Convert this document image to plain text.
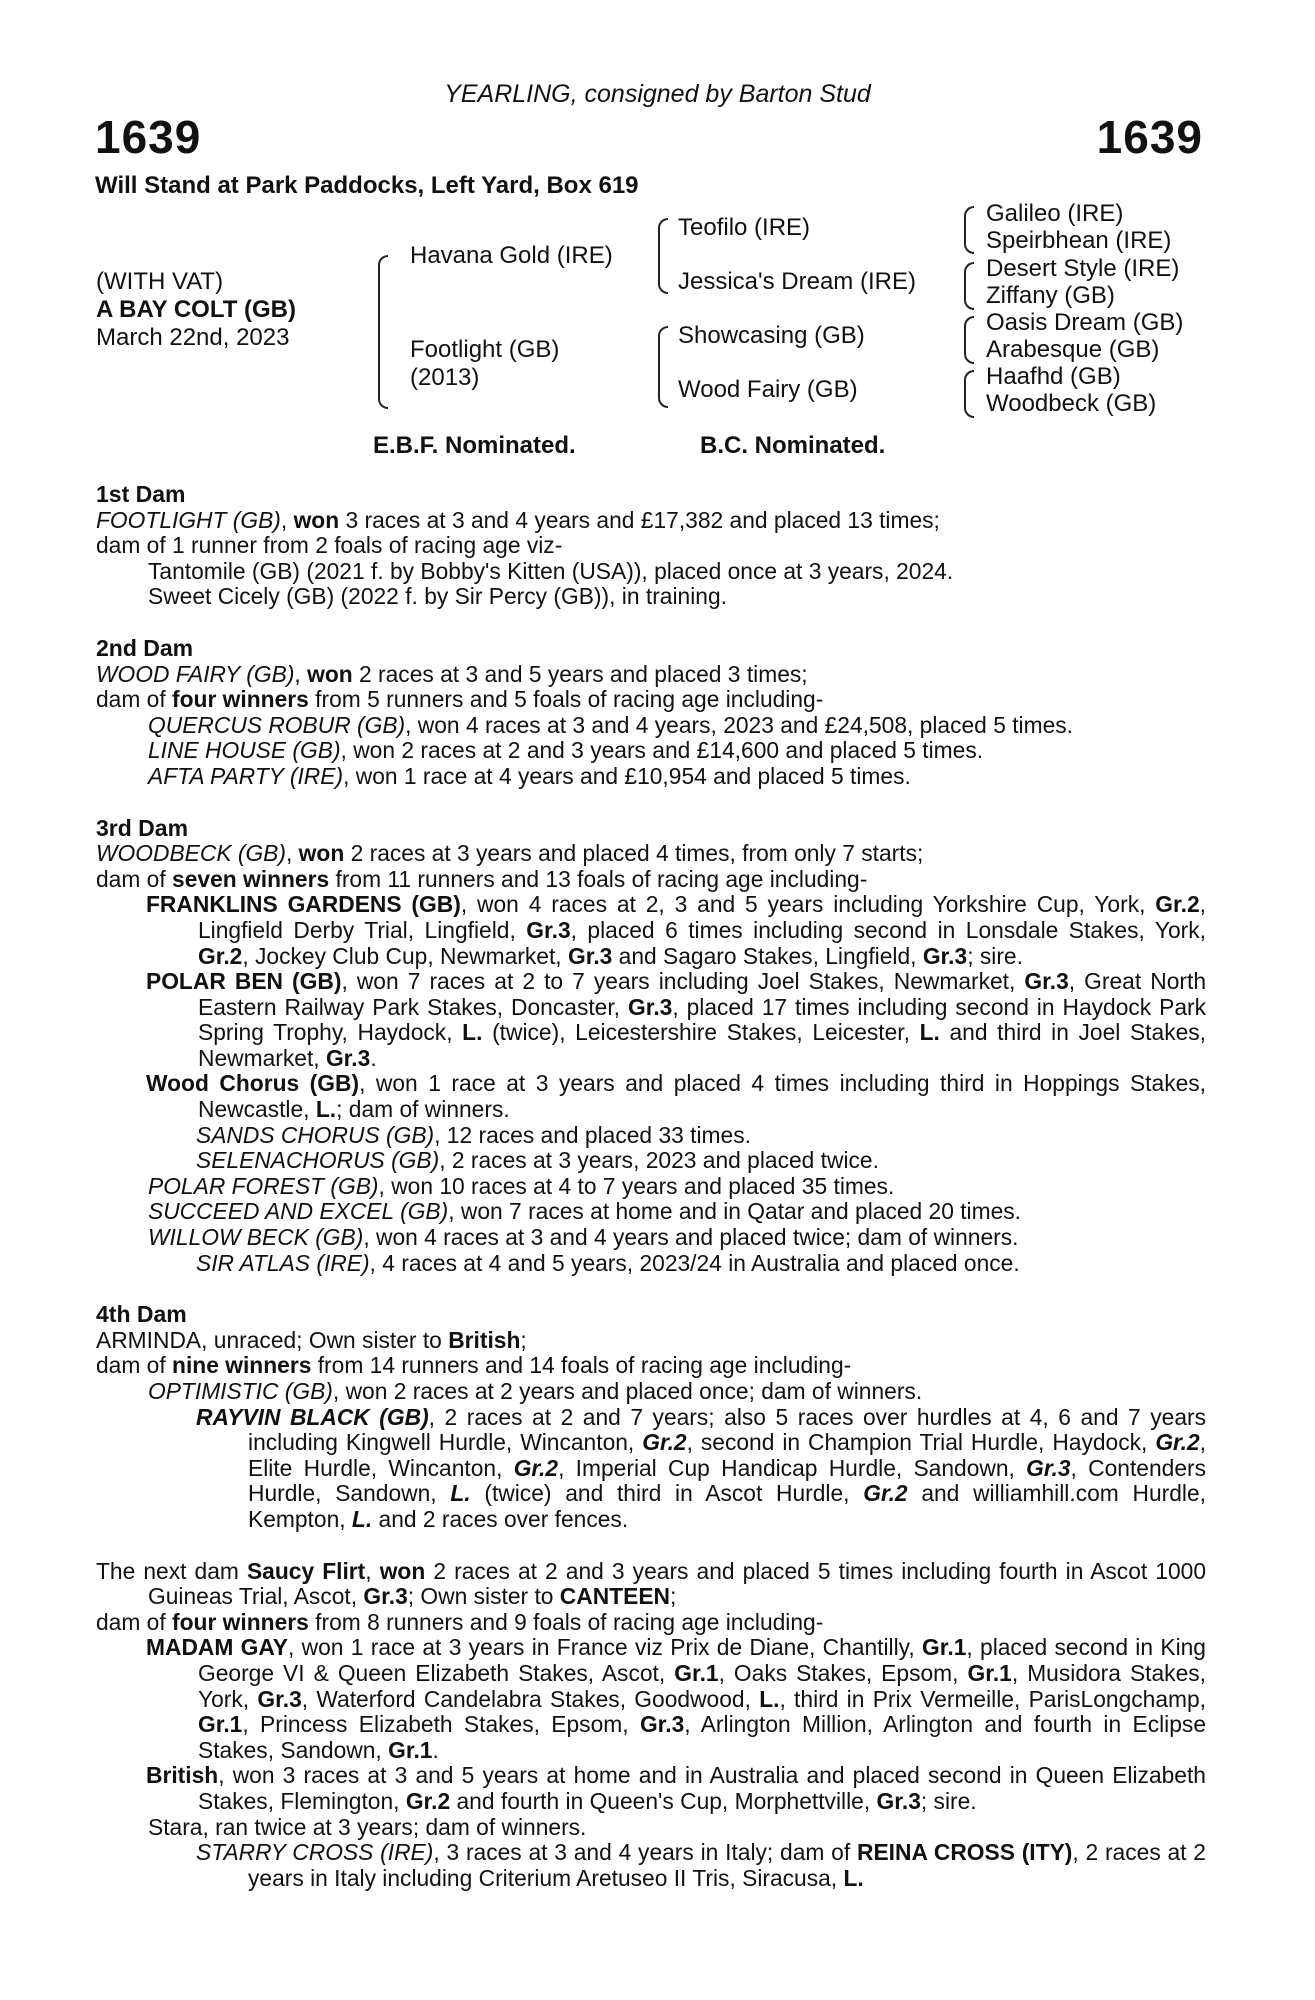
YEARLING, consigned by Barton Stud
1639	1639
Will Stand at Park Paddocks, Left Yard, Box 619
(WITH VAT)
A BAY COLT (GB)
March 22nd, 2023
Havana Gold (IRE)
Footlight (GB)
(2013)
Teofilo (IRE)
Jessica's Dream (IRE)
Showcasing (GB)
Wood Fairy (GB)
Galileo (IRE)
Speirbhean (IRE)
Desert Style (IRE)
Ziffany (GB)
Oasis Dream (GB)
Arabesque (GB)
Haafhd (GB)
Woodbeck (GB)
E.B.F. Nominated.	B.C. Nominated.

1st Dam

FOOTLIGHT (GB), won 3 races at 3 and 4 years and £17,382 and placed 13 times;

dam of 1 runner from 2 foals of racing age viz-

Tantomile (GB) (2021 f. by Bobby's Kitten (USA)), placed once at 3 years, 2024.

Sweet Cicely (GB) (2022 f. by Sir Percy (GB)), in training.

2nd Dam

WOOD FAIRY (GB), won 2 races at 3 and 5 years and placed 3 times;

dam of four winners from 5 runners and 5 foals of racing age including-

QUERCUS ROBUR (GB), won 4 races at 3 and 4 years, 2023 and £24,508, placed 5 times.

LINE HOUSE (GB), won 2 races at 2 and 3 years and £14,600 and placed 5 times.

AFTA PARTY (IRE), won 1 race at 4 years and £10,954 and placed 5 times.

3rd Dam

WOODBECK (GB), won 2 races at 3 years and placed 4 times, from only 7 starts;

dam of seven winners from 11 runners and 13 foals of racing age including-

FRANKLINS GARDENS (GB), won 4 races at 2, 3 and 5 years including Yorkshire Cup, York, Gr.2, Lingfield Derby Trial, Lingfield, Gr.3, placed 6 times including second in Lonsdale Stakes, York, Gr.2, Jockey Club Cup, Newmarket, Gr.3 and Sagaro Stakes, Lingfield, Gr.3; sire.

POLAR BEN (GB), won 7 races at 2 to 7 years including Joel Stakes, Newmarket, Gr.3, Great North Eastern Railway Park Stakes, Doncaster, Gr.3, placed 17 times including second in Haydock Park Spring Trophy, Haydock, L. (twice), Leicestershire Stakes, Leicester, L. and third in Joel Stakes, Newmarket, Gr.3.

Wood Chorus (GB), won 1 race at 3 years and placed 4 times including third in Hoppings Stakes, Newcastle, L.; dam of winners.

SANDS CHORUS (GB), 12 races and placed 33 times.

SELENACHORUS (GB), 2 races at 3 years, 2023 and placed twice.

POLAR FOREST (GB), won 10 races at 4 to 7 years and placed 35 times.

SUCCEED AND EXCEL (GB), won 7 races at home and in Qatar and placed 20 times.

WILLOW BECK (GB), won 4 races at 3 and 4 years and placed twice; dam of winners.

SIR ATLAS (IRE), 4 races at 4 and 5 years, 2023/24 in Australia and placed once.

4th Dam

ARMINDA, unraced; Own sister to British;

dam of nine winners from 14 runners and 14 foals of racing age including-

OPTIMISTIC (GB), won 2 races at 2 years and placed once; dam of winners.

RAYVIN BLACK (GB), 2 races at 2 and 7 years; also 5 races over hurdles at 4, 6 and 7 years including Kingwell Hurdle, Wincanton, Gr.2, second in Champion Trial Hurdle, Haydock, Gr.2, Elite Hurdle, Wincanton, Gr.2, Imperial Cup Handicap Hurdle, Sandown, Gr.3, Contenders Hurdle, Sandown, L. (twice) and third in Ascot Hurdle, Gr.2 and williamhill.com Hurdle, Kempton, L. and 2 races over fences.

The next dam Saucy Flirt, won 2 races at 2 and 3 years and placed 5 times including fourth in Ascot 1000 Guineas Trial, Ascot, Gr.3; Own sister to CANTEEN;

dam of four winners from 8 runners and 9 foals of racing age including-

MADAM GAY, won 1 race at 3 years in France viz Prix de Diane, Chantilly, Gr.1, placed second in King George VI & Queen Elizabeth Stakes, Ascot, Gr.1, Oaks Stakes, Epsom, Gr.1, Musidora Stakes, York, Gr.3, Waterford Candelabra Stakes, Goodwood, L., third in Prix Vermeille, ParisLongchamp, Gr.1, Princess Elizabeth Stakes, Epsom, Gr.3, Arlington Million, Arlington and fourth in Eclipse Stakes, Sandown, Gr.1.

British, won 3 races at 3 and 5 years at home and in Australia and placed second in Queen Elizabeth Stakes, Flemington, Gr.2 and fourth in Queen's Cup, Morphettville, Gr.3; sire.

Stara, ran twice at 3 years; dam of winners.

STARRY CROSS (IRE), 3 races at 3 and 4 years in Italy; dam of REINA CROSS (ITY), 2 races at 2 years in Italy including Criterium Aretuseo II Tris, Siracusa, L.
